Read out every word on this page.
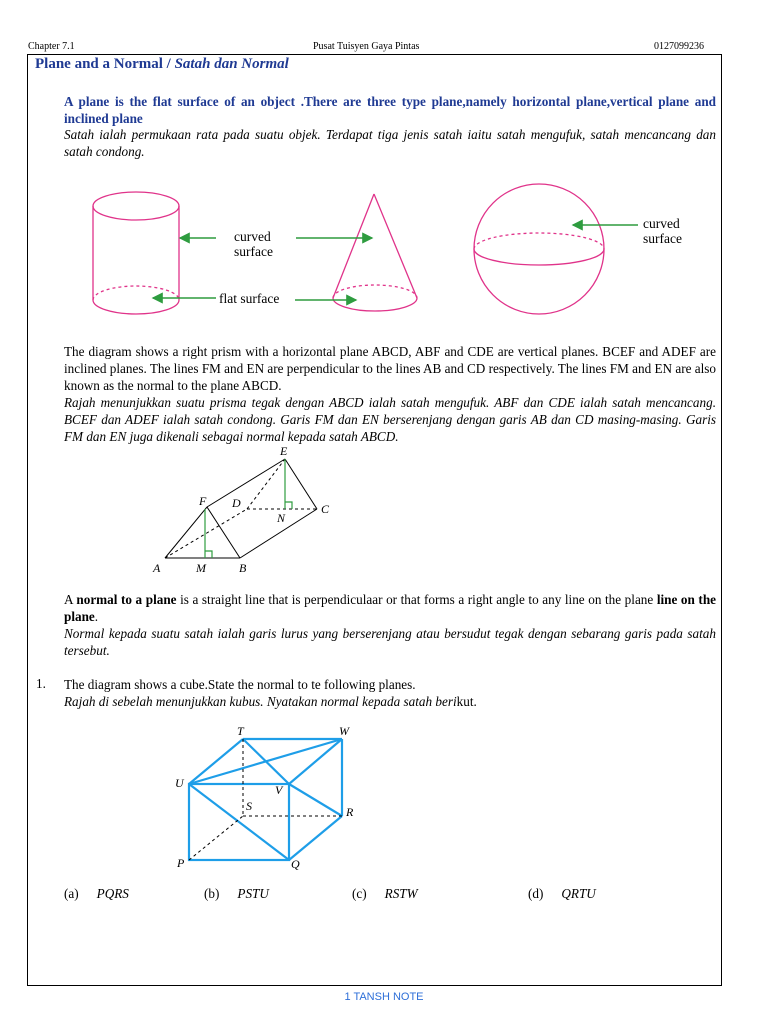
Chapter 7.1	Pusat Tuisyen Gaya Pintas	0127099236
Plane and a Normal / Satah dan Normal
A plane is the flat surface of an object .There are three type plane,namely horizontal plane,vertical plane and inclined plane
Satah ialah permukaan rata pada suatu objek. Terdapat tiga jenis satah iaitu satah mengufuk, satah mencancang dan satah condong.
curved
surface
flat surface
curved
surface
The diagram shows a right prism with a horizontal plane ABCD, ABF and CDE are vertical planes. BCEF and ADEF are inclined planes. The lines FM and EN are perpendicular to the lines AB and CD respectively. The lines FM and EN are also known as the normal to the plane ABCD.
Rajah menunjukkan suatu prisma tegak dengan ABCD ialah satah mengufuk. ABF dan CDE ialah satah mencancang. BCEF dan ADEF ialah satah condong. Garis FM dan EN berserenjang dengan garis AB dan CD masing-masing. Garis FM dan EN juga dikenali sebagai normal kepada satah ABCD.
A	M	B
C
D
N
E
F
A normal to a plane is a straight line that is perpendiculaar or that forms a right angle to any line on the plane line on the plane.
Normal kepada suatu satah ialah garis lurus yang berserenjang atau bersudut tegak dengan sebarang garis pada satah tersebut.
1. The diagram shows a cube.State the normal to te following planes.
Rajah di sebelah menunjukkan kubus. Nyatakan normal kepada satah berikut.
T	W
U	V
S	R
P	Q
(a) PQRS	(b) PSTU	(c) RSTW	(d) QRTU
1 TANSH NOTE
